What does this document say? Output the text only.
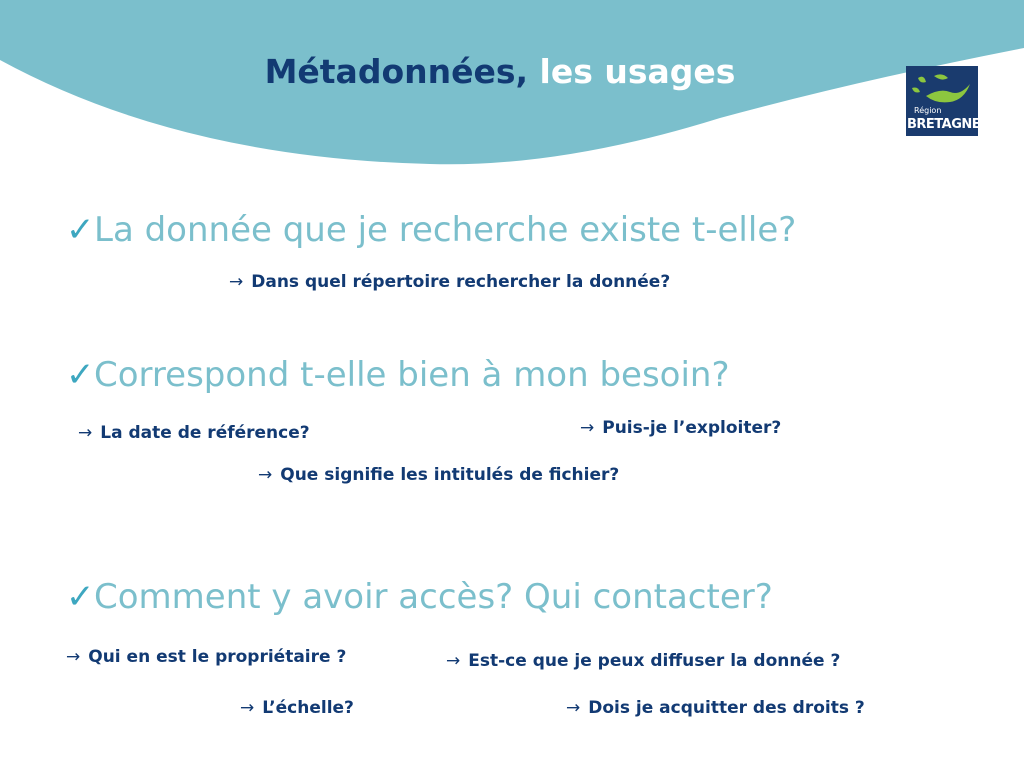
Métadonnées, les usages
Région
BRETAGNE
✓La donnée que je recherche existe t-elle?
→ Dans quel répertoire rechercher la donnée?
✓Correspond t-elle bien à mon besoin?
→ La date de référence?	→ Puis-je l’exploiter?
→ Que signifie les intitulés de fichier?
✓Comment y avoir accès? Qui contacter?
→ Qui en est le propriétaire ?	→ Est-ce que je peux diffuser la donnée ?
→ L’échelle?	→ Dois je acquitter des droits ?
